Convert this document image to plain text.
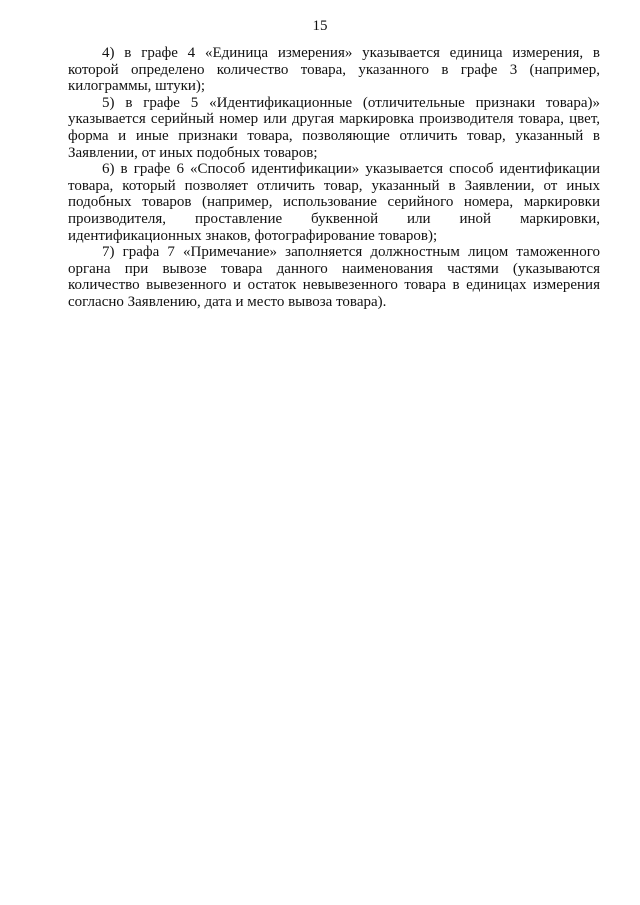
15

4) в графе 4 «Единица измерения» указывается единица измерения, в
которой определено количество товара, указанного в графе 3 (например,
килограммы, штуки);

5) в графе 5 «Идентификационные (отличительные признаки товара)»
указывается серийный номер или другая маркировка производителя товара, цвет,
форма и иные признаки товара, позволяющие отличить товар, указанный в
Заявлении, от иных подобных товаров;

6) в графе 6 «Способ идентификации» указывается способ идентификации
товара, который позволяет отличить товар, указанный в Заявлении, от иных
подобных товаров (например, использование серийного номера, маркировки
производителя, проставление буквенной или иной маркировки,
идентификационных знаков, фотографирование товаров);

7) графа 7 «Примечание» заполняется должностным лицом таможенного
органа при вывозе товара данного наименования частями (указываются
количество вывезенного и остаток невывезенного товара в единицах измерения
согласно Заявлению, дата и место вывоза товара).
